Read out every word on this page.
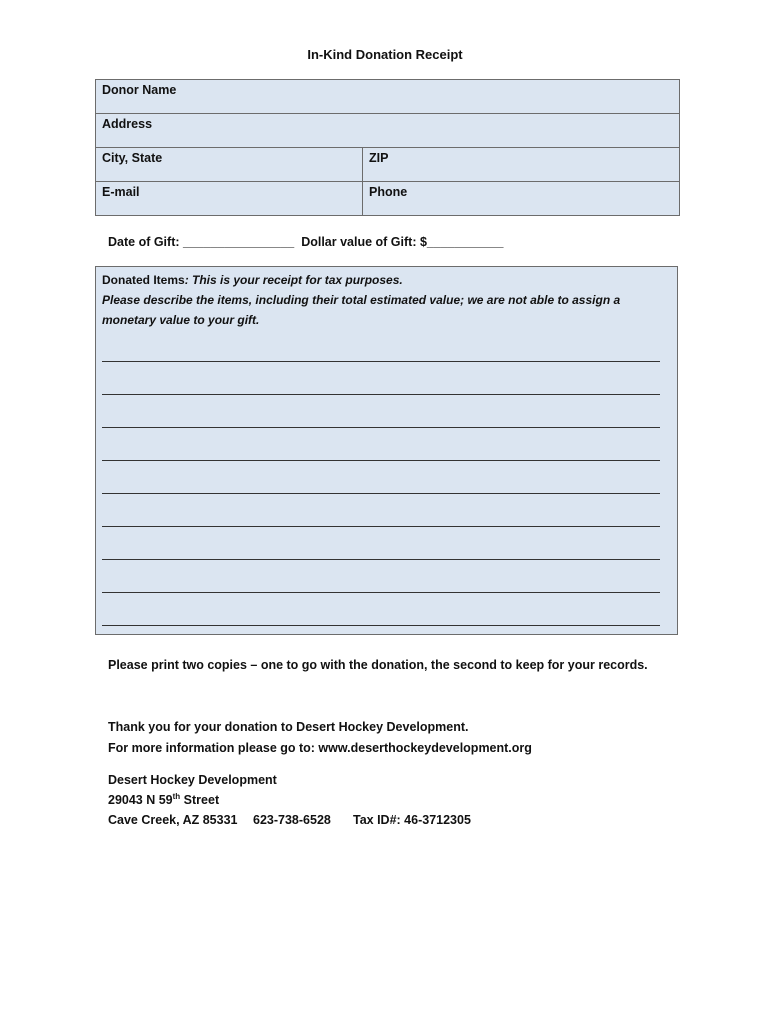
In-Kind Donation Receipt
Donor Name	
Address	
City, State	ZIP
E-mail	Phone
Date of Gift: ________________ Dollar value of Gift: $___________
Donated Items: This is your receipt for tax purposes.
Please describe the items, including their total estimated value; we are not able to assign a monetary value to your gift.
Please print two copies – one to go with the donation, the second to keep for your records.
Thank you for your donation to Desert Hockey Development.
For more information please go to: www.deserthockeydevelopment.org
Desert Hockey Development
29043 N 59th Street
Cave Creek, AZ 85331 623-738-6528 Tax ID#: 46-3712305
